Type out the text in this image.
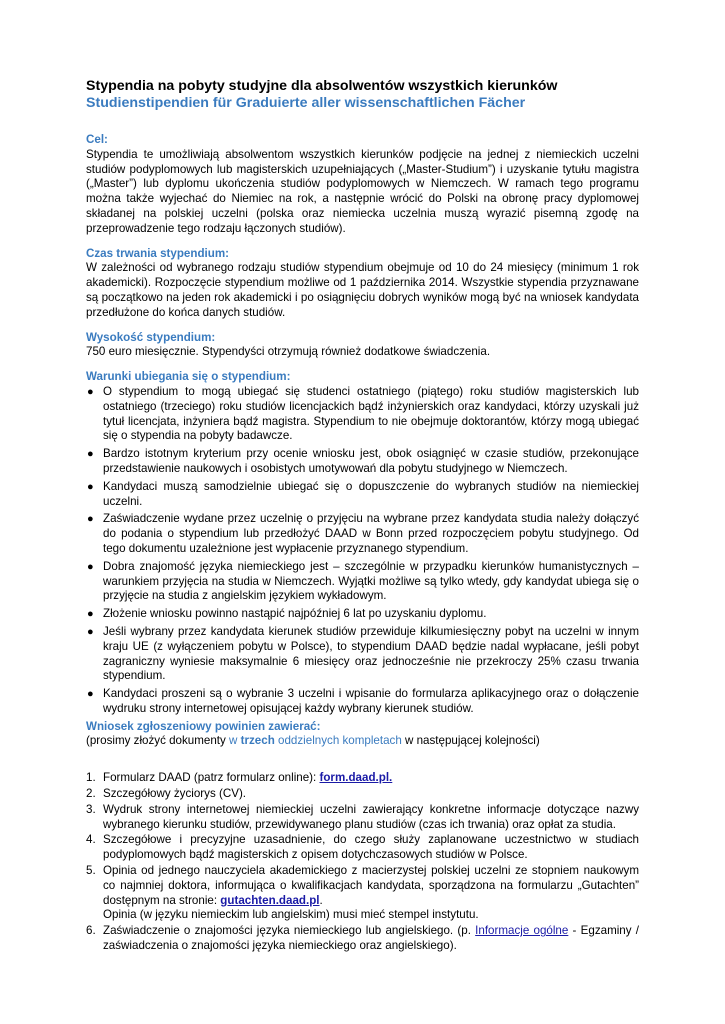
Stypendia na pobyty studyjne dla absolwentów wszystkich kierunków
Studienstipendien für Graduierte aller wissenschaftlichen Fächer
Cel:

Stypendia te umożliwiają absolwentom wszystkich kierunków podjęcie na jednej z niemieckich uczelni studiów podyplomowych lub magisterskich uzupełniających („Master-Studium”) i uzyskanie tytułu magistra („Master”) lub dyplomu ukończenia studiów podyplomowych w Niemczech. W ramach tego programu można także wyjechać do Niemiec na rok, a następnie wrócić do Polski na obronę pracy dyplomowej składanej na polskiej uczelni (polska oraz niemiecka uczelnia muszą wyrazić pisemną zgodę na przeprowadzenie tego rodzaju łączonych studiów).

Czas trwania stypendium:

W zależności od wybranego rodzaju studiów stypendium obejmuje od 10 do 24 miesięcy (minimum 1 rok akademicki). Rozpoczęcie stypendium możliwe od 1 października 2014. Wszystkie stypendia przyznawane są początkowo na jeden rok akademicki i po osiągnięciu dobrych wyników mogą być na wniosek kandydata przedłużone do końca danych studiów.

Wysokość stypendium:

750 euro miesięcznie. Stypendyści otrzymują również dodatkowe świadczenia.

Warunki ubiegania się o stypendium:
● O stypendium to mogą ubiegać się studenci ostatniego (piątego) roku studiów magisterskich lub ostatniego (trzeciego) roku studiów licencjackich bądź inżynierskich oraz kandydaci, którzy uzyskali już tytuł licencjata, inżyniera bądź magistra. Stypendium to nie obejmuje doktorantów, którzy mogą ubiegać się o stypendia na pobyty badawcze.
● Bardzo istotnym kryterium przy ocenie wniosku jest, obok osiągnięć w czasie studiów, przekonujące przedstawienie naukowych i osobistych umotywowań dla pobytu studyjnego w Niemczech.
● Kandydaci muszą samodzielnie ubiegać się o dopuszczenie do wybranych studiów na niemieckiej uczelni.
● Zaświadczenie wydane przez uczelnię o przyjęciu na wybrane przez kandydata studia należy dołączyć do podania o stypendium lub przedłożyć DAAD w Bonn przed rozpoczęciem pobytu studyjnego. Od tego dokumentu uzależnione jest wypłacenie przyznanego stypendium.
● Dobra znajomość języka niemieckiego jest – szczególnie w przypadku kierunków humanistycznych – warunkiem przyjęcia na studia w Niemczech. Wyjątki możliwe są tylko wtedy, gdy kandydat ubiega się o przyjęcie na studia z angielskim językiem wykładowym.
● Złożenie wniosku powinno nastąpić najpóźniej 6 lat po uzyskaniu dyplomu.
● Jeśli wybrany przez kandydata kierunek studiów przewiduje kilkumiesięczny pobyt na uczelni w innym kraju UE (z wyłączeniem pobytu w Polsce), to stypendium DAAD będzie nadal wypłacane, jeśli pobyt zagraniczny wyniesie maksymalnie 6 miesięcy oraz jednocześnie nie przekroczy 25% czasu trwania stypendium.
● Kandydaci proszeni są o wybranie 3 uczelni i wpisanie do formularza aplikacyjnego oraz o dołączenie wydruku strony internetowej opisującej każdy wybrany kierunek studiów.
Wniosek zgłoszeniowy powinien zawierać:

(prosimy złożyć dokumenty w trzech oddzielnych kompletach w następującej kolejności)

1. Formularz DAAD (patrz formularz online): form.daad.pl.
2. Szczegółowy życiorys (CV).
3. Wydruk strony internetowej niemieckiej uczelni zawierający konkretne informacje dotyczące nazwy wybranego kierunku studiów, przewidywanego planu studiów (czas ich trwania) oraz opłat za studia.
4. Szczegółowe i precyzyjne uzasadnienie, do czego służy zaplanowane uczestnictwo w studiach podyplomowych bądź magisterskich z opisem dotychczasowych studiów w Polsce.
5. Opinia od jednego nauczyciela akademickiego z macierzystej polskiej uczelni ze stopniem naukowym co najmniej doktora, informująca o kwalifikacjach kandydata, sporządzona na formularzu „Gutachten” dostępnym na stronie: gutachten.daad.pl.
Opinia (w języku niemieckim lub angielskim) musi mieć stempel instytutu.
6. Zaświadczenie o znajomości języka niemieckiego lub angielskiego. (p. Informacje ogólne - Egzaminy / zaświadczenia o znajomości języka niemieckiego oraz angielskiego).
